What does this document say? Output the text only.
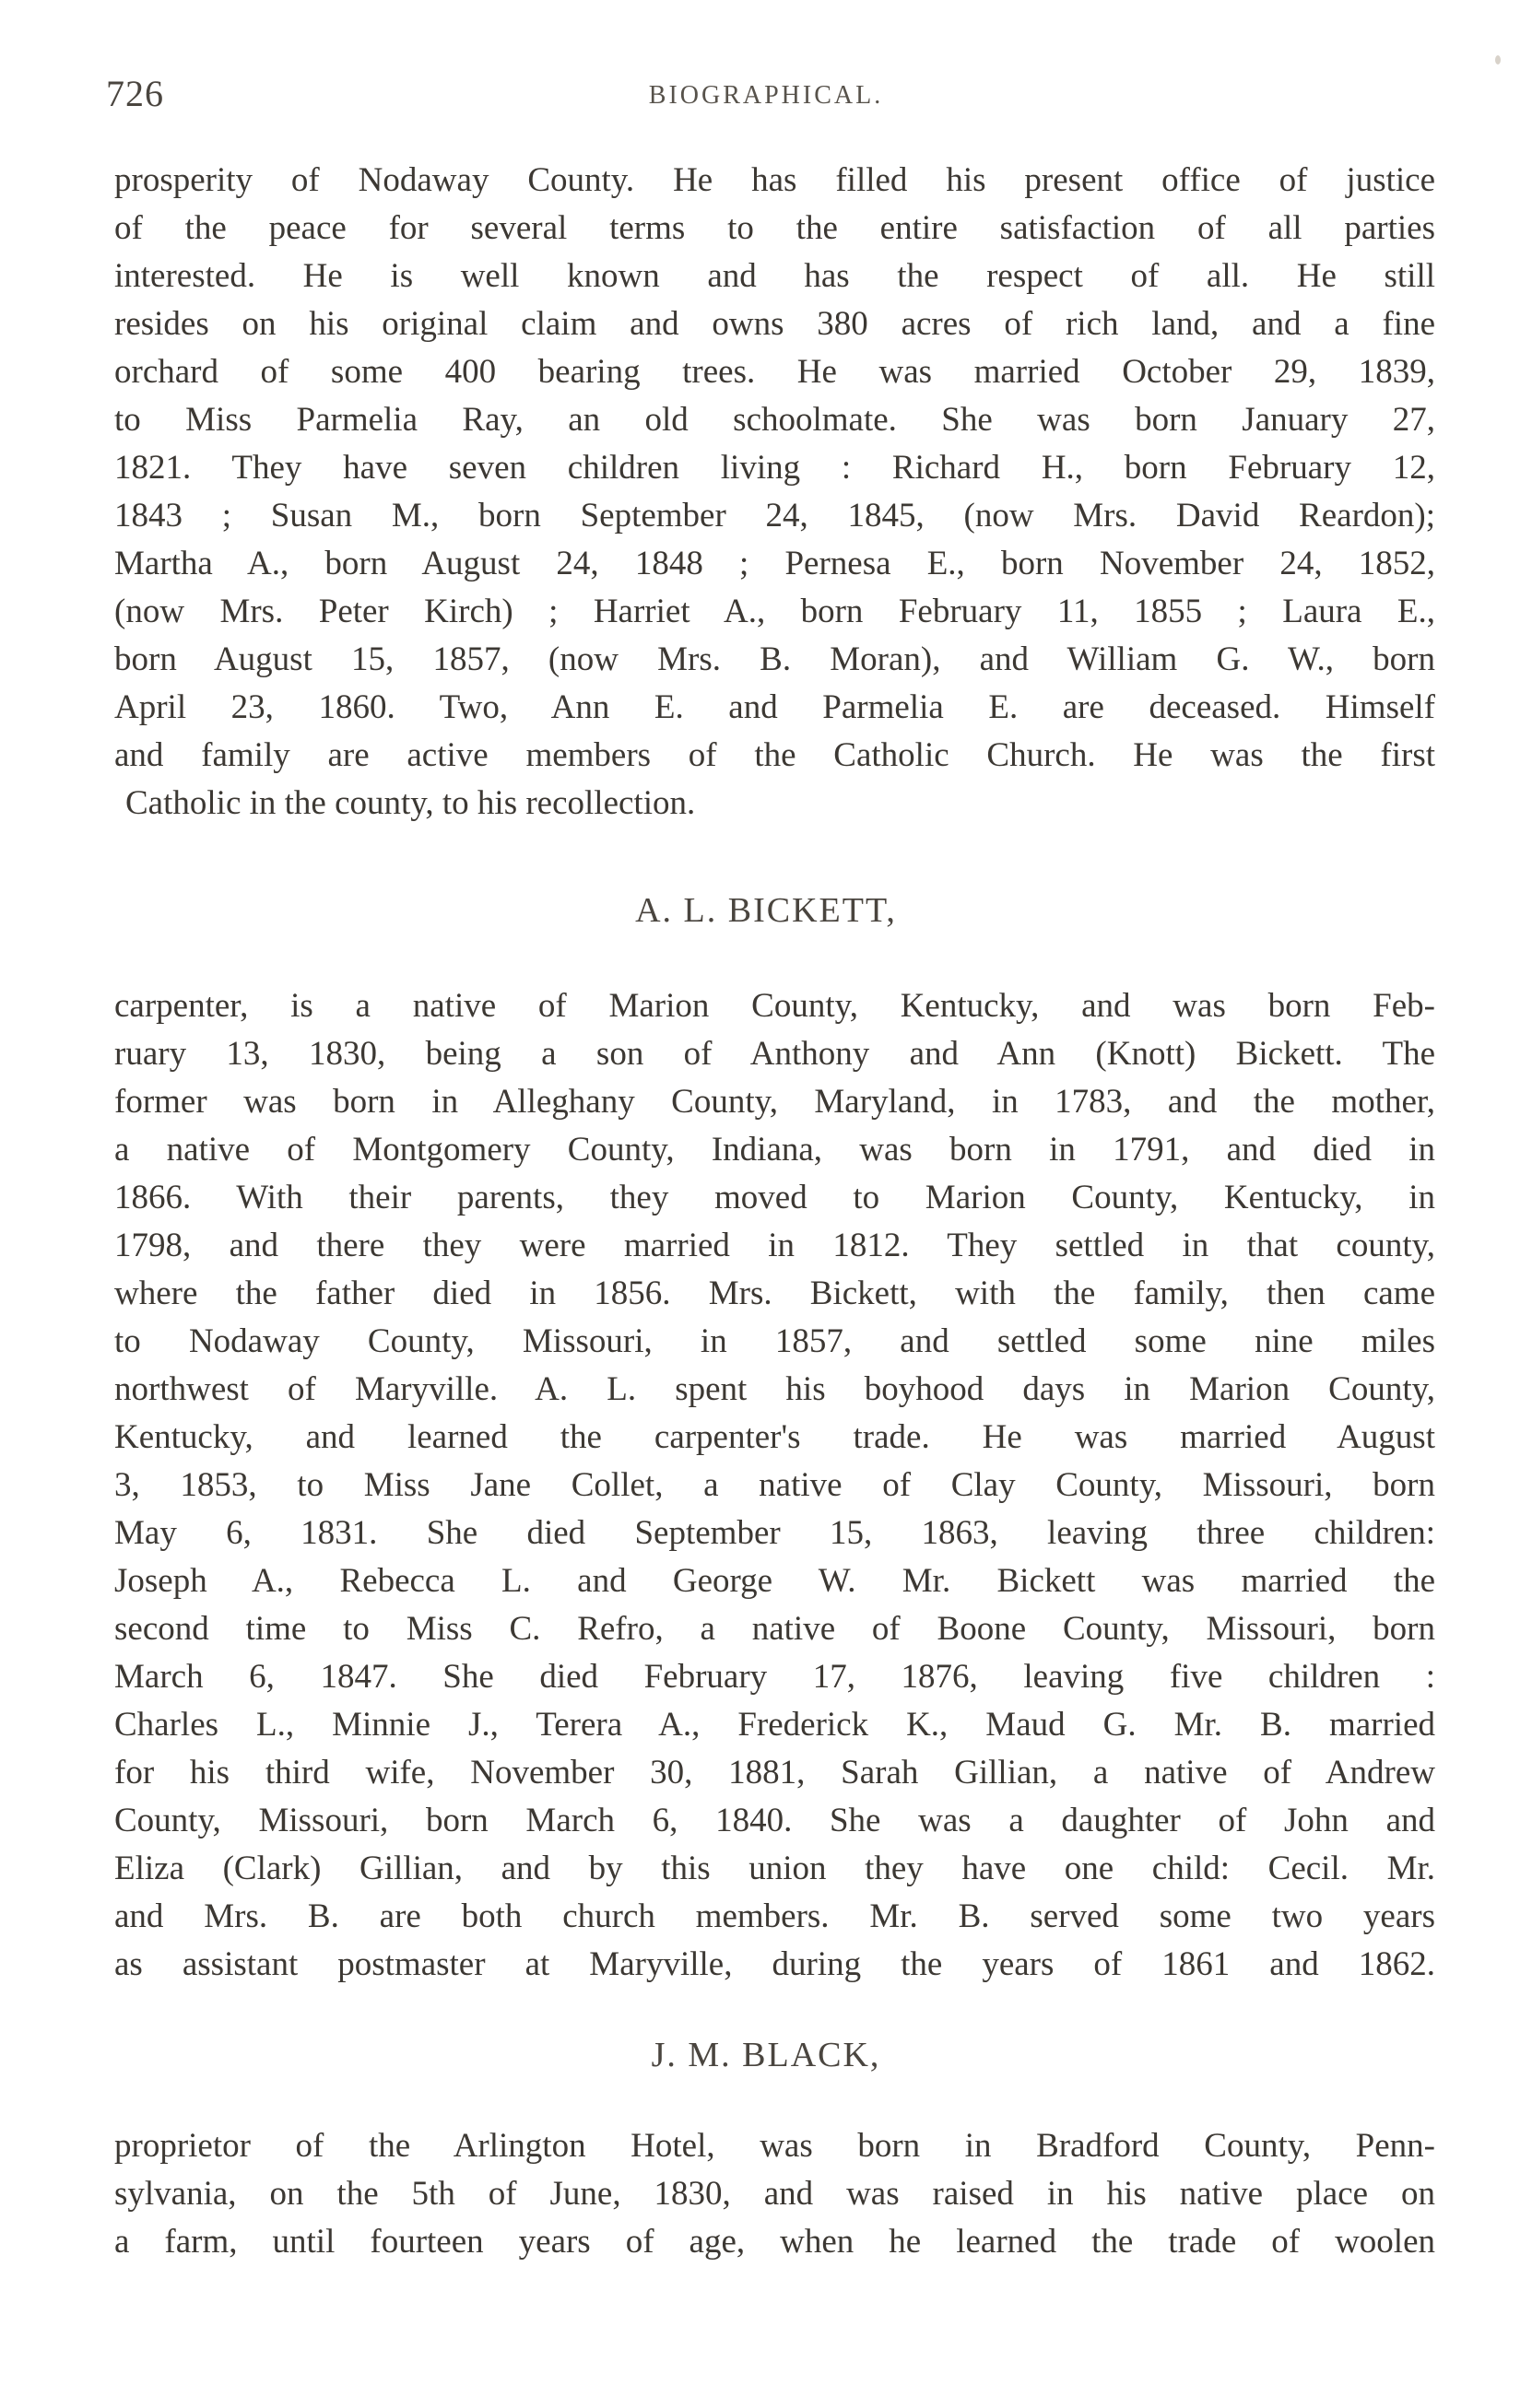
726	BIOGRAPHICAL.
prosperity of Nodaway County. He has filled his present office of justice
of the peace for several terms to the entire satisfaction of all parties
interested. He is well known and has the respect of all. He still
resides on his original claim and owns 380 acres of rich land, and a fine
orchard of some 400 bearing trees. He was married October 29, 1839,
to Miss Parmelia Ray, an old schoolmate. She was born January 27,
1821. They have seven children living : Richard H., born February 12,
1843 ; Susan M., born September 24, 1845, (now Mrs. David Reardon);
Martha A., born August 24, 1848 ; Pernesa E., born November 24, 1852,
(now Mrs. Peter Kirch) ; Harriet A., born February 11, 1855 ; Laura E.,
born August 15, 1857, (now Mrs. B. Moran), and William G. W., born
April 23, 1860. Two, Ann E. and Parmelia E. are deceased. Himself
and family are active members of the Catholic Church. He was the first
Catholic in the county, to his recollection.
A. L. BICKETT,
carpenter, is a native of Marion County, Kentucky, and was born Feb-
ruary 13, 1830, being a son of Anthony and Ann (Knott) Bickett. The
former was born in Alleghany County, Maryland, in 1783, and the mother,
a native of Montgomery County, Indiana, was born in 1791, and died in
1866. With their parents, they moved to Marion County, Kentucky, in
1798, and there they were married in 1812. They settled in that county,
where the father died in 1856. Mrs. Bickett, with the family, then came
to Nodaway County, Missouri, in 1857, and settled some nine miles
northwest of Maryville. A. L. spent his boyhood days in Marion County,
Kentucky, and learned the carpenter's trade. He was married August
3, 1853, to Miss Jane Collet, a native of Clay County, Missouri, born
May 6, 1831. She died September 15, 1863, leaving three children:
Joseph A., Rebecca L. and George W. Mr. Bickett was married the
second time to Miss C. Refro, a native of Boone County, Missouri, born
March 6, 1847. She died February 17, 1876, leaving five children :
Charles L., Minnie J., Terera A., Frederick K., Maud G. Mr. B. married
for his third wife, November 30, 1881, Sarah Gillian, a native of Andrew
County, Missouri, born March 6, 1840. She was a daughter of John and
Eliza (Clark) Gillian, and by this union they have one child: Cecil. Mr.
and Mrs. B. are both church members. Mr. B. served some two years
as assistant postmaster at Maryville, during the years of 1861 and 1862.
J. M. BLACK,
proprietor of the Arlington Hotel, was born in Bradford County, Penn-
sylvania, on the 5th of June, 1830, and was raised in his native place on
a farm, until fourteen years of age, when he learned the trade of woolen
